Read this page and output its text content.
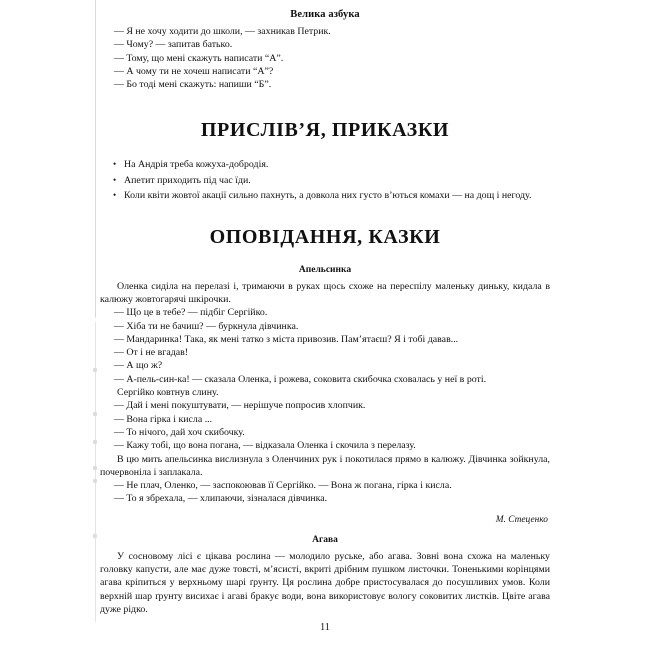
Велика азбука

— Я не хочу ходити до школи, — захникав Петрик.

— Чому? — запитав батько.

— Тому, що мені скажуть написати “А”.

— А чому ти не хочеш написати “А”?

— Бо тоді мені скажуть: напиши “Б”.

ПРИСЛІВ’Я, ПРИКАЗКИ

• На Андрія треба кожуха-добродія.

• Апетит приходить під час їди.

• Коли квіти жовтої акації сильно пахнуть, а довкола них густо в’ються комахи — на дощ і негоду.

ОПОВІДАННЯ, КАЗКИ
Апельсинка

Оленка сиділа на перелазі і, тримаючи в руках щось схоже на переспілу маленьку диньку, кидала в калюжу жовтогарячі шкірочки.

— Що це в тебе? — підбіг Сергійко.

— Хіба ти не бачиш? — буркнула дівчинка.

— Мандаринка! Така, як мені татко з міста привозив. Пам’ятаєш? Я і тобі давав...

— От і не вгадав!

— А що ж?

— А-пель-син-ка! — сказала Оленка, і рожева, соковита скибочка сховалась у неї в роті.

Сергійко ковтнув слину.

— Дай і мені покуштувати, — нерішуче попросив хлопчик.

— Вона гірка і кисла ...

— То нічого, дай хоч скибочку.

— Кажу тобі, що вона погана, — відказала Оленка і скочила з перелазу.

В цю мить апельсинка вислизнула з Оленчиних рук і покотилася прямо в калюжу. Дівчинка зойкнула, почервоніла і заплакала.

— Не плач, Оленко, — заспокоював її Сергійко. — Вона ж погана, гірка і кисла.

— То я збрехала, — хлипаючи, зізналася дівчинка.

М. Стеценко

Агава

У сосновому лісі є цікава рослина — молодило руське, або агава. Зовні вона схожа на маленьку головку капусти, але має дуже товсті, м’ясисті, вкриті дрібним пушком листочки. Тоненькими корінцями агава кріпиться у верхньому шарі ґрунту. Ця рослина добре пристосувалася до посушливих умов. Коли верхній шар ґрунту висихає і агаві бракує води, вона використовує вологу соковитих листків. Цвіте агава дуже рідко.

11
